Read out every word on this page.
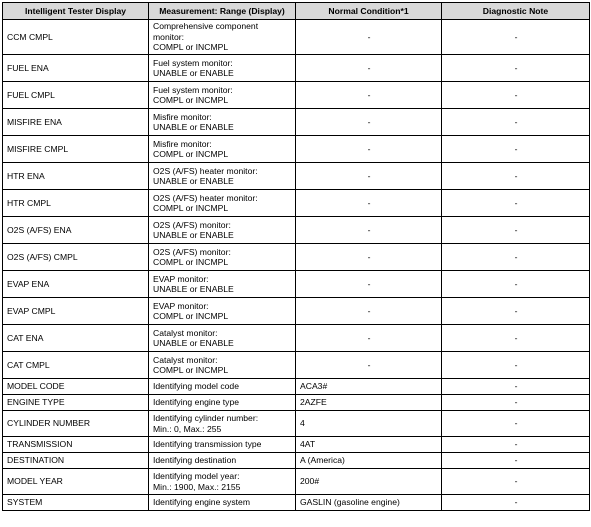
Intelligent Tester Display	Measurement: Range (Display)	Normal Condition*1	Diagnostic Note
CCM CMPL	Comprehensive component
monitor:
COMPL or INCMPL	-	-
FUEL ENA	Fuel system monitor:
UNABLE or ENABLE	-	-
FUEL CMPL	Fuel system monitor:
COMPL or INCMPL	-	-
MISFIRE ENA	Misfire monitor:
UNABLE or ENABLE	-	-
MISFIRE CMPL	Misfire monitor:
COMPL or INCMPL	-	-
HTR ENA	O2S (A/FS) heater monitor:
UNABLE or ENABLE	-	-
HTR CMPL	O2S (A/FS) heater monitor:
COMPL or INCMPL	-	-
O2S (A/FS) ENA	O2S (A/FS) monitor:
UNABLE or ENABLE	-	-
O2S (A/FS) CMPL	O2S (A/FS) monitor:
COMPL or INCMPL	-	-
EVAP ENA	EVAP monitor:
UNABLE or ENABLE	-	-
EVAP CMPL	EVAP monitor:
COMPL or INCMPL	-	-
CAT ENA	Catalyst monitor:
UNABLE or ENABLE	-	-
CAT CMPL	Catalyst monitor:
COMPL or INCMPL	-	-
MODEL CODE	Identifying model code	ACA3#	-
ENGINE TYPE	Identifying engine type	2AZFE	-
CYLINDER NUMBER	Identifying cylinder number:
Min.: 0, Max.: 255	4	-
TRANSMISSION	Identifying transmission type	4AT	-
DESTINATION	Identifying destination	A (America)	-
MODEL YEAR	Identifying model year:
Min.: 1900, Max.: 2155	200#	-
SYSTEM	Identifying engine system	GASLIN (gasoline engine)	-
